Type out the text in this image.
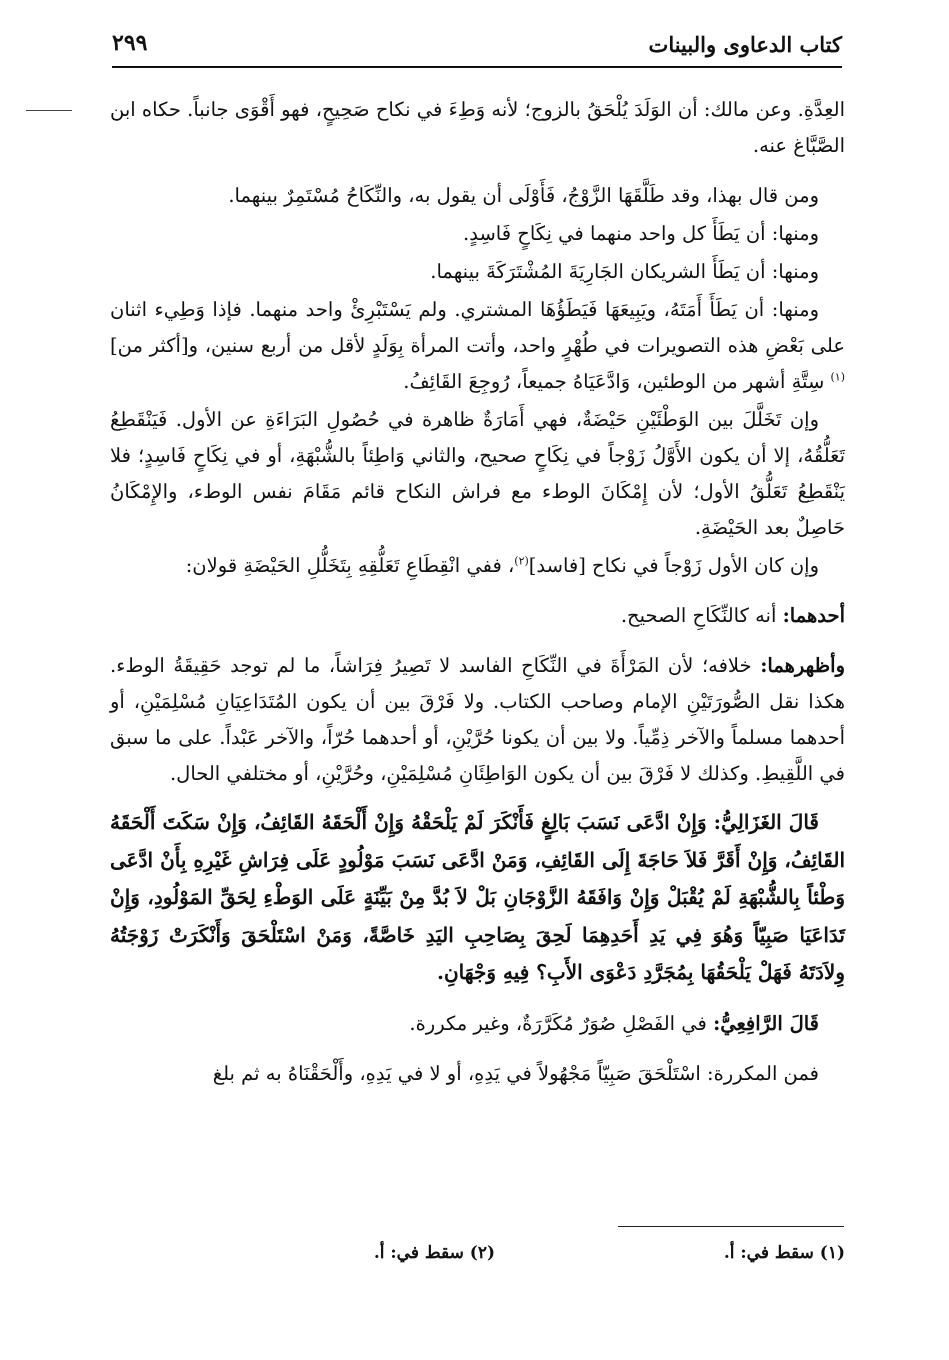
كتاب الدعاوى والبينات
٢٩٩

العِدَّةِ. وعن مالك: أن الوَلَدَ يُلْحَقُ بالزوج؛ لأنه وَطِءَ في نكاح صَحِيحٍ، فهو أَقْوَى جانباً. حكاه ابن الصَّبَّاغ عنه.

ومن قال بهذا، وقد طَلَّقَهَا الزَّوْجُ، فَأَوْلَى أن يقول به، والنِّكَاحُ مُسْتَمِرٌ بينهما.

ومنها: أن يَطَأَ كل واحد منهما في نِكَاحٍ فَاسِدٍ.

ومنها: أن يَطَأَ الشريكان الجَارِيَةَ المُشْتَرَكَةَ بينهما.

ومنها: أن يَطَأَ أَمَتَهُ، ويَبِيعَهَا فَيَطَؤُهَا المشتري. ولم يَسْتَبْرِئْ واحد منهما. فإذا وَطِيء اثنان على بَعْضِ هذه التصويرات في طُهْرٍ واحد، وأتت المرأة بِوَلَدٍ لأقل من أربع سنين، و[أكثر من]$^{(١)}$ سِتَّةِ أشهر من الوطئين، وَادَّعَيَاهُ جميعاً، رُوجِعَ القَائِفُ.

وإن تَخَلَّلَ بين الوَطْئَيْنِ حَيْضَةٌ، فهي أَمَارَةٌ ظاهرة في حُصُولِ البَرَاءَةِ عن الأول. فَيَنْقَطِعُ تَعَلُّقُهُ، إلا أن يكون الأَوَّلُ زَوْجاً في نِكَاحٍ صحيح، والثاني وَاطِئاً بالشُّبْهَةِ، أو في نِكَاحٍ فَاسِدٍ؛ فلا يَنْقَطِعُ تَعَلُّقُ الأول؛ لأن إِمْكَانَ الوطء مع فراش النكاح قائم مَقَامَ نفس الوطء، والإِمْكَانُ حَاصِلٌ بعد الحَيْضَةِ.

وإن كان الأول زَوْجاً في نكاح [فاسد]$^{(٢)}$، ففي انْقِطَاعِ تَعَلُّقِهِ بِتَخَلُّلِ الحَيْضَةِ قولان:

أحدهما: أنه كالنِّكَاحِ الصحيح.

وأظهرهما: خلافه؛ لأن المَرْأَةَ في النِّكَاحِ الفاسد لا تَصِيرُ فِرَاشاً، ما لم توجد حَقِيقَةُ الوطء. هكذا نقل الصُّورَتَيْنِ الإمام وصاحب الكتاب. ولا فَرْقَ بين أن يكون المُتَدَاعِيَانِ مُسْلِمَيْنِ، أو أحدهما مسلماً والآخر ذِمِّياً. ولا بين أن يكونا حُرَّيْنِ، أو أحدهما حُرّاً، والآخر عَبْداً. على ما سبق في اللَّقِيطِ. وكذلك لا فَرْقَ بين أن يكون الوَاطِئَانِ مُسْلِمَيْنِ، وحُرَّيْنِ، أو مختلفي الحال.

قَالَ الغَزَالِيُّ: وَإِنْ ادَّعَى نَسَبَ بَالِغٍ فَأَنْكَرَ لَمْ يَلْحَقْهُ وَإِنْ أَلْحَقَهُ القَائِفُ، وَإِنْ سَكَتَ أَلْحَقَهُ القَائِفُ، وَإِنْ أَقَرَّ فَلاَ حَاجَةَ إِلَى القَائِفِ، وَمَنْ ادَّعَى نَسَبَ مَوْلُودٍ عَلَى فِرَاشِ غَيْرِهِ بِأَنْ ادَّعَى وَطْئاً بِالشُّبْهَةِ لَمْ يُقْبَلْ وَإِنْ وَافَقَهُ الزَّوْجَانِ بَلْ لاَ بُدَّ مِنْ بَيِّنَةٍ عَلَى الوَطْءِ لِحَقِّ المَوْلُودِ، وَإِنْ تَدَاعَيَا صَبِيّاً وَهُوَ فِي يَدِ أَحَدِهِمَا لَحِقَ بِصَاحِبِ اليَدِ خَاصَّةً، وَمَنْ اسْتَلْحَقَ وَأَنْكَرَتْ زَوْجَتُهُ وِلاَدَتَهُ فَهَلْ يَلْحَقُهَا بِمُجَرَّدِ دَعْوَى الأَبِ؟ فِيهِ وَجْهَانِ.

قَالَ الرَّافِعِيُّ: في الفَصْلِ صُوَرٌ مُكَرَّرَةٌ، وغير مكررة.

فمن المكررة: اسْتَلْحَقَ صَبِيّاً مَجْهُولاً في يَدِهِ، أو لا في يَدِهِ، وأَلْحَقْنَاهُ به ثم بلغ

(١) سقط في: أ.
(٢) سقط في: أ.
